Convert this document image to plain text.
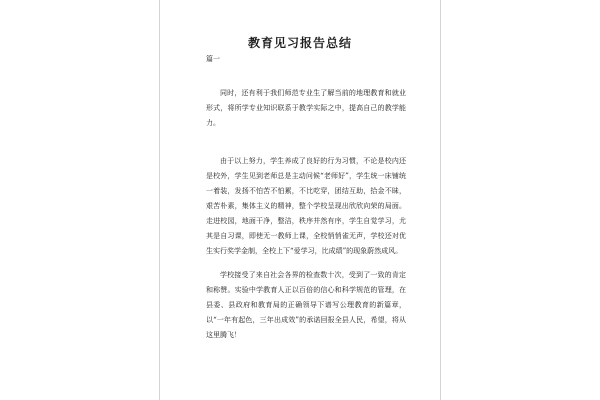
教育见习报告总结

篇一

同时，还有利于我们师范专业生了解当前的地理教育和就业形式，将所学专业知识联系于教学实际之中，提高自己的教学能力。

由于以上努力，学生养成了良好的行为习惯，不论是校内还是校外，学生见到老师总是主动问候“老师好”，学生统一床铺统一着装，发扬不怕苦不怕累，不比吃穿，团结互助，拾金不昧，艰苦朴素，集体主义的精神，整个学校呈现出欣欣向荣的局面。走进校园，地面干净，整洁，秩序井然有序，学生自觉学习，尤其是自习课，即使无一教师上课，全校悄悄雀无声，学校还对优生实行奖学金制，全校上下“爱学习，比成绩”的现象蔚然成风。

学校接受了来自社会各界的检查数十次，受到了一致的肯定和称赞。实验中学教育人正以百倍的信心和科学规范的管理，在县委、县政府和教育局的正确领导下谱写公理教育的新篇章，以“一年有起色，三年出成效”的承诺回报全县人民，希望，将从这里腾飞！
